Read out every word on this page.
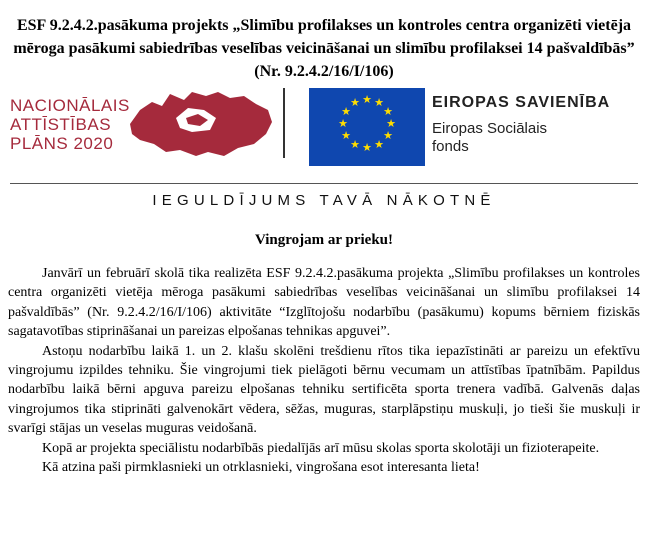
ESF 9.2.4.2.pasākuma projekts „Slimību profilakses un kontroles centra organizēti vietēja mēroga pasākumi sabiedrības veselības veicināšanai un slimību profilaksei 14 pašvaldībās” (Nr. 9.2.4.2/16/I/106)
NACIONĀLAIS
ATTĪSTĪBAS
PLĀNS 2020
★ ★
★
★
★
★
★
★
★
★
★
★	EIROPAS SAVIENĪBA
Eiropas Sociālais
fonds
IEGULDĪJUMS TAVĀ NĀKOTNĒ
Vingrojam ar prieku!

Janvārī un februārī skolā tika realizēta ESF 9.2.4.2.pasākuma projekta „Slimību profilakses un kontroles centra organizēti vietēja mēroga pasākumi sabiedrības veselības veicināšanai un slimību profilaksei 14 pašvaldībās” (Nr. 9.2.4.2/16/I/106) aktivitāte “Izglītojošu nodarbību (pasākumu) kopums bērniem fiziskās sagatavotības stiprināšanai un pareizas elpošanas tehnikas apguvei”.

Astoņu nodarbību laikā 1. un 2. klašu skolēni trešdienu rītos tika iepazīstināti ar pareizu un efektīvu vingrojumu izpildes tehniku. Šie vingrojumi tiek pielāgoti bērnu vecumam un attīstības īpatnībām. Papildus nodarbību laikā bērni apguva pareizu elpošanas tehniku sertificēta sporta trenera vadībā. Galvenās daļas vingrojumos tika stiprināti galvenokārt vēdera, sēžas, muguras, starplāpstiņu muskuļi, jo tieši šie muskuļi ir svarīgi stājas un veselas muguras veidošanā.

Kopā ar projekta speciālistu nodarbībās piedalījās arī mūsu skolas sporta skolotāji un fizioterapeite.

Kā atzina paši pirmklasnieki un otrklasnieki, vingrošana esot interesanta lieta!
